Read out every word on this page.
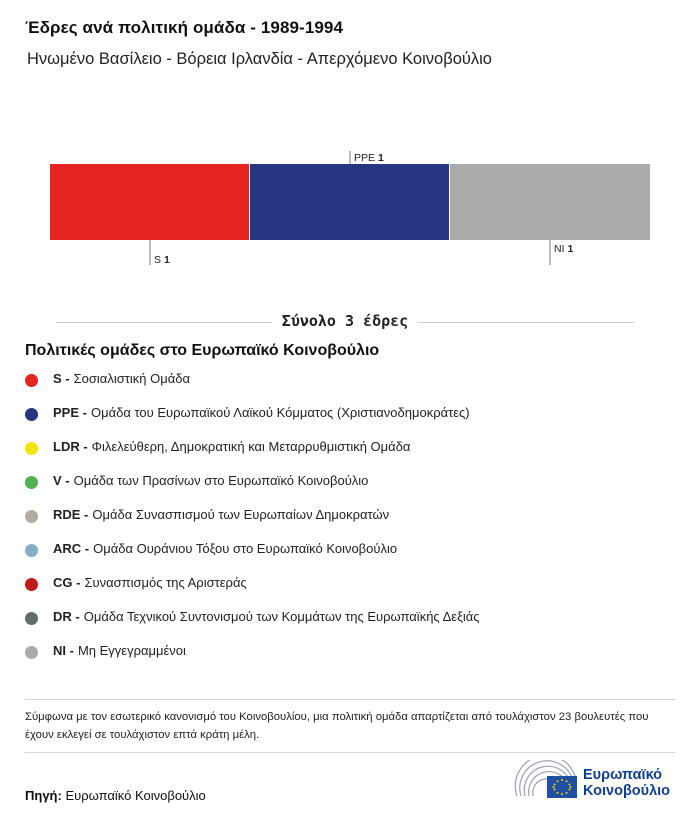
Έδρες ανά πολιτική ομάδα - 1989-1994
Ηνωμένο Βασίλειο - Βόρεια Ιρλανδία - Απερχόμενο Κοινοβούλιο
S 1
PPE 1
NI 1
Σύνολο 3 έδρες
Πολιτικές ομάδες στο Ευρωπαϊκό Κοινοβούλιο
S - Σοσιαλιστική Ομάδα
PPE - Ομάδα του Ευρωπαϊκού Λαϊκού Κόμματος (Χριστιανοδημοκράτες)
LDR - Φιλελεύθερη, Δημοκρατική και Μεταρρυθμιστική Ομάδα
V - Ομάδα των Πρασίνων στο Ευρωπαϊκό Κοινοβούλιο
RDE - Ομάδα Συνασπισμού των Ευρωπαίων Δημοκρατών
ARC - Ομάδα Ουράνιου Τόξου στο Ευρωπαϊκό Κοινοβούλιο
CG - Συνασπισμός της Αριστεράς
DR - Ομάδα Τεχνικού Συντονισμού των Κομμάτων της Ευρωπαϊκής Δεξιάς
NI - Μη Εγγεγραμμένοι
Σύμφωνα με τον εσωτερικό κανονισμό του Κοινοβουλίου, μια πολιτική ομάδα απαρτίζεται από τουλάχιστον 23 βουλευτές που έχουν εκλεγεί σε τουλάχιστον επτά κράτη μέλη.
Πηγή: Ευρωπαϊκό Κοινοβούλιο
Ευρωπαϊκό
Κοινοβούλιο
